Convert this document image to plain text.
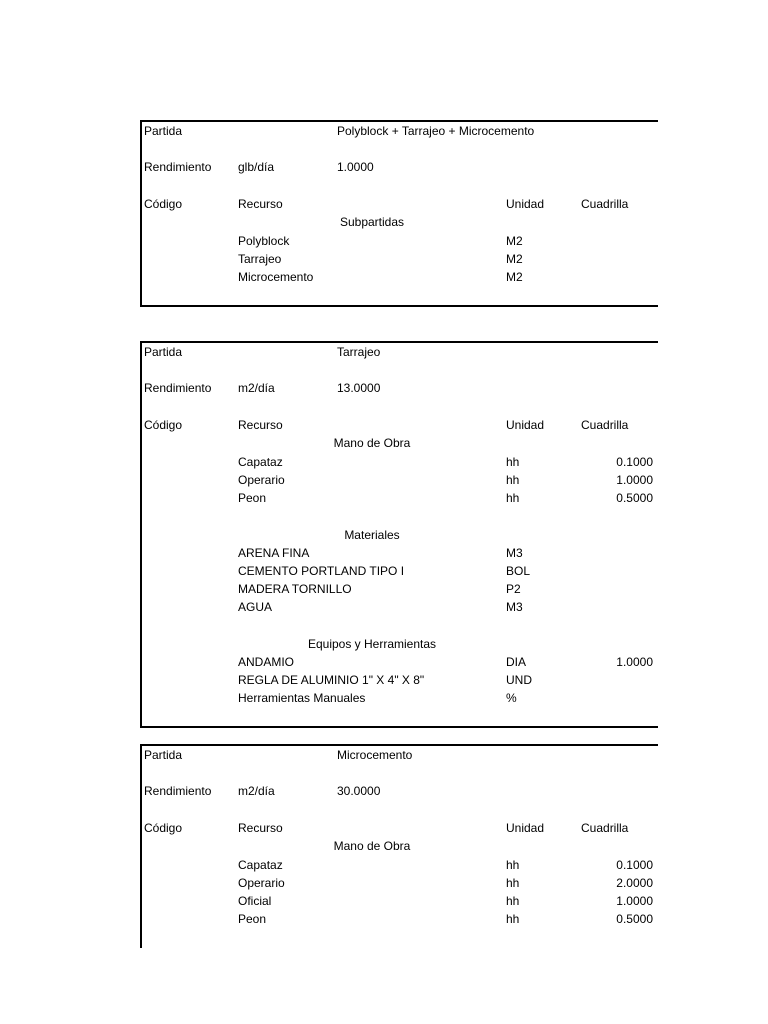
Partida	Polyblock + Tarrajeo + Microcemento
Rendimiento glb/día	1.0000
Código	Recurso	Unidad	Cuadrilla
Subpartidas
Polyblock	M2
Tarrajeo	M2
Microcemento	M2
Partida	Tarrajeo
Rendimiento m2/día	13.0000
Código	Recurso	Unidad	Cuadrilla
Mano de Obra
Capataz	hh	0.1000
Operario	hh	1.0000
Peon	hh	0.5000
Materiales
ARENA FINA	M3
CEMENTO PORTLAND TIPO I	BOL
MADERA TORNILLO	P2
AGUA	M3
Equipos y Herramientas
ANDAMIO	DIA	1.0000
REGLA DE ALUMINIO 1" X 4" X 8"	UND
Herramientas Manuales	%
Partida	Microcemento
Rendimiento m2/día	30.0000
Código	Recurso	Unidad	Cuadrilla
Mano de Obra
Capataz	hh	0.1000
Operario	hh	2.0000
Oficial	hh	1.0000
Peon	hh	0.5000
